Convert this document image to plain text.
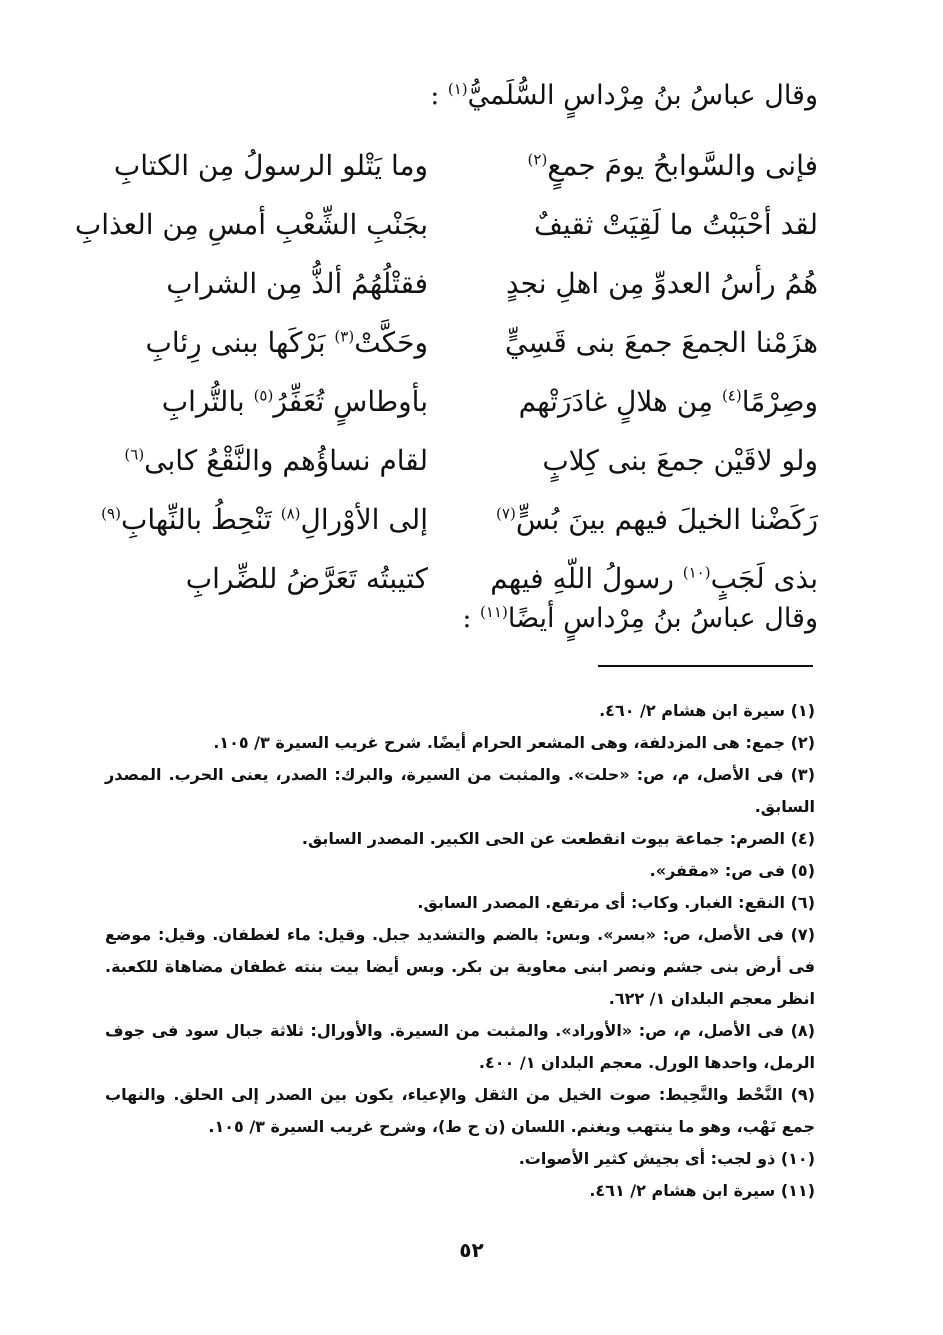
وقال عباسُ بنُ مِرْداسٍ السُّلَميُّ$^{(١)}$ :
فإنى والسَّوابحُ يومَ جمعٍ$^{(٢)}$
وما يَتْلو الرسولُ مِن الكتابِ
لقد أحْبَبْتُ ما لَقِيَتْ ثقيفٌ
بجَنْبِ الشِّعْبِ أمسِ مِن العذابِ
هُمُ رأسُ العدوِّ مِن اهلِ نجدٍ
فقتْلُهُمُ ألذُّ مِن الشرابِ
هزَمْنا الجمعَ جمعَ بنى قَسِيٍّ
وحَكَّتْ$^{(٣)}$ بَرْكَها ببنى رِئابِ
وصِرْمًا$^{(٤)}$ مِن هلالٍ غادَرَتْهم
بأوطاسٍ تُعَفِّرُ$^{(٥)}$ بالتُّرابِ
ولو لاقَيْن جمعَ بنى كِلابٍ
لقام نساؤُهم والنَّقْعُ كابى$^{(٦)}$
رَكَضْنا الخيلَ فيهم بينَ بُسٍّ$^{(٧)}$
إلى الأوْرالِ$^{(٨)}$ تَنْحِطُ بالنِّهابِ$^{(٩)}$
بذى لَجَبٍ$^{(١٠)}$ رسولُ اللّهِ فيهم
كتيبتُه تَعَرَّضُ للضِّرابِ
وقال عباسُ بنُ مِرْداسٍ أيضًا$^{(١١)}$ :
(١) سيرة ابن هشام ٢/ ٤٦٠.
(٢) جمع: هى المزدلفة، وهى المشعر الحرام أيضًا. شرح غريب السيرة ٣/ ١٠٥.
(٣) فى الأصل، م، ص: «حلت». والمثبت من السيرة، والبرك: الصدر، يعنى الحرب. المصدر السابق.
(٤) الصرم: جماعة بيوت انقطعت عن الحى الكبير. المصدر السابق.
(٥) فى ص: «مقفر».
(٦) النقع: الغبار. وكاب: أى مرتفع. المصدر السابق.
(٧) فى الأصل، ص: «بسر». وبس: بالضم والتشديد جبل. وقيل: ماء لغطفان. وقيل: موضع فى أرض بنى جشم ونصر ابنى معاوية بن بكر. وبس أيضا بيت بنته غطفان مضاهاة للكعبة. انظر معجم البلدان ١/ ٦٢٢.
(٨) فى الأصل، م، ص: «الأوراد». والمثبت من السيرة. والأورال: ثلاثة جبال سود فى جوف الرمل، واحدها الورل. معجم البلدان ١/ ٤٠٠.
(٩) النَّحْط والنَّحِيط: صوت الخيل من الثقل والإعياء، يكون بين الصدر إلى الحلق. والنهاب جمع نَهْب، وهو ما ينتهب ويغنم. اللسان (ن ح ط)، وشرح غريب السيرة ٣/ ١٠٥.
(١٠) ذو لجب: أى بجيش كثير الأصوات.
(١١) سيرة ابن هشام ٢/ ٤٦١.
٥٢
